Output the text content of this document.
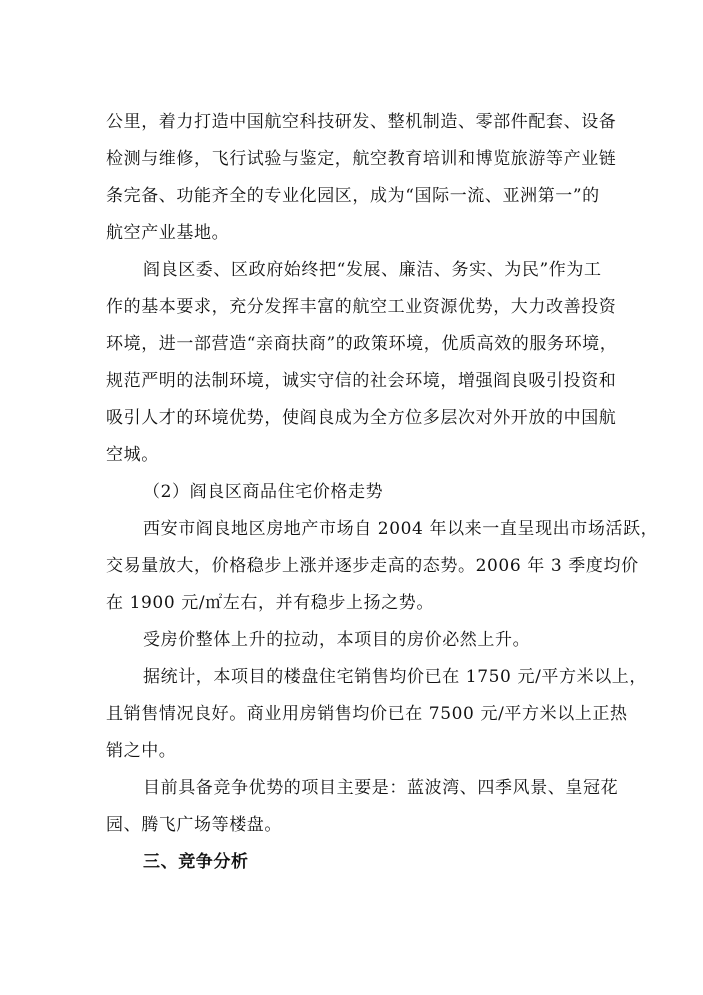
公里，着力打造中国航空科技研发、整机制造、零部件配套、设备
检测与维修，飞行试验与鉴定，航空教育培训和博览旅游等产业链
条完备、功能齐全的专业化园区，成为“国际一流、亚洲第一”的
航空产业基地。
阎良区委、区政府始终把“发展、廉洁、务实、为民”作为工
作的基本要求，充分发挥丰富的航空工业资源优势，大力改善投资
环境，进一部营造“亲商扶商”的政策环境，优质高效的服务环境，
规范严明的法制环境，诚实守信的社会环境，增强阎良吸引投资和
吸引人才的环境优势，使阎良成为全方位多层次对外开放的中国航
空城。
（2）阎良区商品住宅价格走势
西安市阎良地区房地产市场自 2004 年以来一直呈现出市场活跃，
交易量放大，价格稳步上涨并逐步走高的态势。2006 年 3 季度均价
在 1900 元/㎡左右，并有稳步上扬之势。
受房价整体上升的拉动，本项目的房价必然上升。
据统计，本项目的楼盘住宅销售均价已在 1750 元/平方米以上，
且销售情况良好。商业用房销售均价已在 7500 元/平方米以上正热
销之中。
目前具备竞争优势的项目主要是：蓝波湾、四季风景、皇冠花
园、腾飞广场等楼盘。
三、竞争分析
